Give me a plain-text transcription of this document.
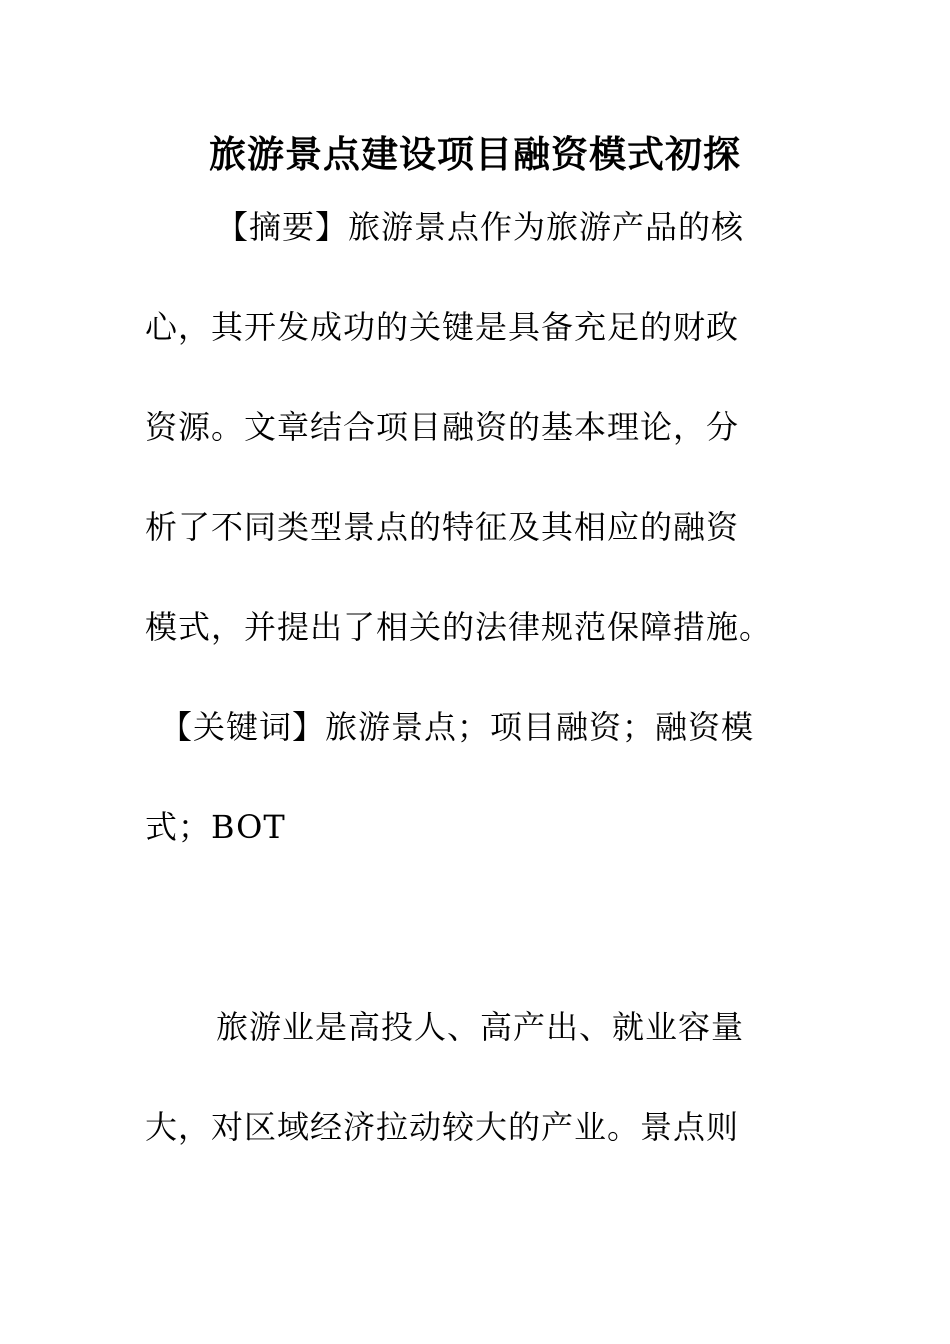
旅游景点建设项目融资模式初探
【摘要】旅游景点作为旅游产品的核
心，其开发成功的关键是具备充足的财政
资源。文章结合项目融资的基本理论，分
析了不同类型景点的特征及其相应的融资
模式，并提出了相关的法律规范保障措施。
【关键词】旅游景点；项目融资；融资模
式；BOT
旅游业是高投人、高产出、就业容量
大，对区域经济拉动较大的产业。景点则
